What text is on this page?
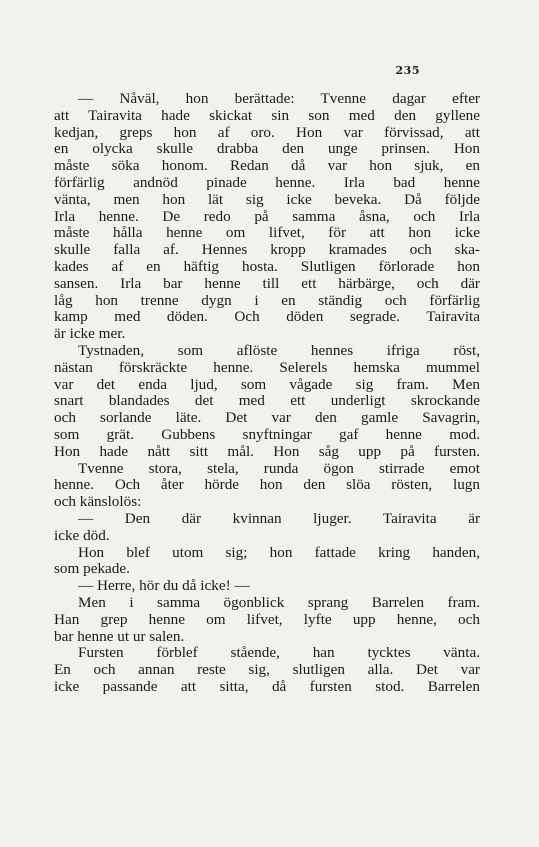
235
— Nåväl, hon berättade: Tvenne dagar efter
att Tairavita hade skickat sin son med den gyllene
kedjan, greps hon af oro. Hon var förvissad, att
en olycka skulle drabba den unge prinsen. Hon
måste söka honom. Redan då var hon sjuk, en
förfärlig andnöd pinade henne. Irla bad henne
vänta, men hon lät sig icke beveka. Då följde
Irla henne. De redo på samma åsna, och Irla
måste hålla henne om lifvet, för att hon icke
skulle falla af. Hennes kropp kramades och ska-
kades af en häftig hosta. Slutligen förlorade hon
sansen. Irla bar henne till ett härbärge, och där
låg hon trenne dygn i en ständig och förfärlig
kamp med döden. Och döden segrade. Tairavita
är icke mer.
Tystnaden, som aflöste hennes ifriga röst,
nästan förskräckte henne. Selerels hemska mummel
var det enda ljud, som vågade sig fram. Men
snart blandades det med ett underligt skrockande
och sorlande läte. Det var den gamle Savagrin,
som grät. Gubbens snyftningar gaf henne mod.
Hon hade nått sitt mål. Hon såg upp på fursten.
Tvenne stora, stela, runda ögon stirrade emot
henne. Och åter hörde hon den slöa rösten, lugn
och känslolös:
— Den där kvinnan ljuger. Tairavita är
icke död.
Hon blef utom sig; hon fattade kring handen,
som pekade.
— Herre, hör du då icke! —
Men i samma ögonblick sprang Barrelen fram.
Han grep henne om lifvet, lyfte upp henne, och
bar henne ut ur salen.
Fursten förblef stående, han tycktes vänta.
En och annan reste sig, slutligen alla. Det var
icke passande att sitta, då fursten stod. Barrelen
